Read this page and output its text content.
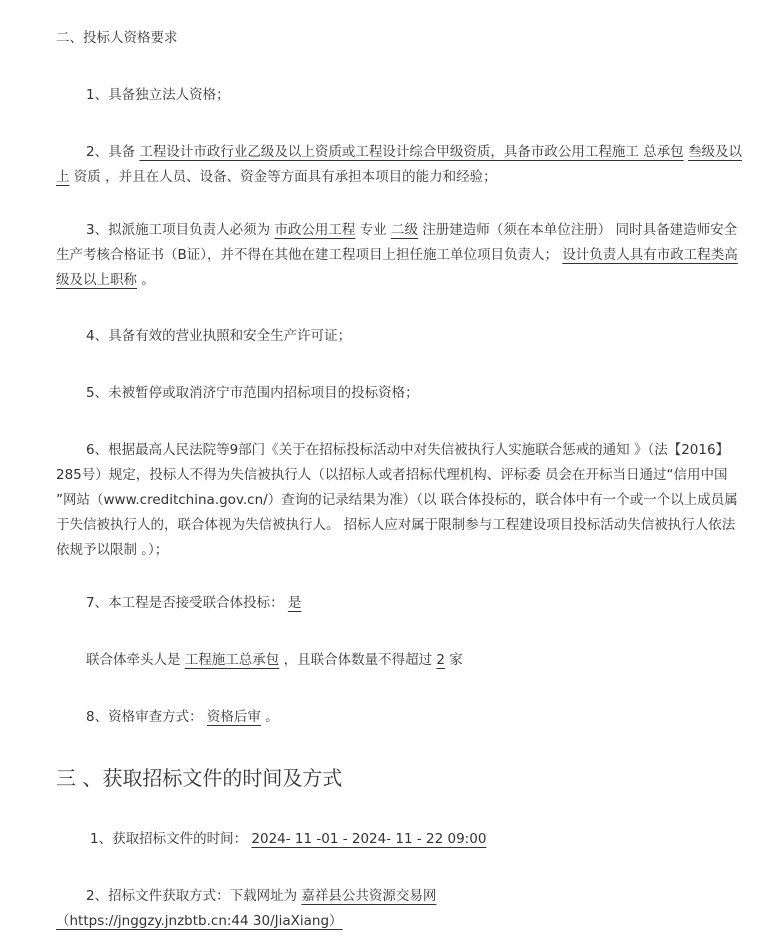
二、投标人资格要求
1、具备独立法人资格；
2、具备 工程设计市政行业乙级及以上资质或工程设计综合甲级资质，具备市政公用工程施工 总承包 叁级及以上 资质 ，并且在人员、设备、资金等方面具有承担本项目的能力和经验；
3、拟派施工项目负责人必须为 市政公用工程 专业 二级 注册建造师（须在本单位注册） 同时具备建造师安全生产考核合格证书（B证），并不得在其他在建工程项目上担任施工单位项目负责人； 设计负责人具有市政工程类高级及以上职称 。
4、具备有效的营业执照和安全生产许可证；
5、未被暂停或取消济宁市范围内招标项目的投标资格；
6、根据最高人民法院等9部门《关于在招标投标活动中对失信被执行人实施联合惩戒的通知 》（法【2016】285号）规定，投标人不得为失信被执行人（以招标人或者招标代理机构、评标委 员会在开标当日通过“信用中国 ”网站（www.creditchina.gov.cn/）查询的记录结果为准）（以 联合体投标的，联合体中有一个或一个以上成员属于失信被执行人的，联合体视为失信被执行人。 招标人应对属于限制参与工程建设项目投标活动失信被执行人依法依规予以限制 。）；
7、本工程是否接受联合体投标： 是
联合体牵头人是 工程施工总承包 ，且联合体数量不得超过 2 家
8、资格审查方式： 资格后审 。
三 、获取招标文件的时间及方式
1、获取招标文件的时间： 2024- 11 -01 - 2024- 11 - 22 09:00
2、招标文件获取方式：下载网址为 嘉祥县公共资源交易网
（https://jnggzy.jnzbtb.cn:44 30/JiaXiang）
